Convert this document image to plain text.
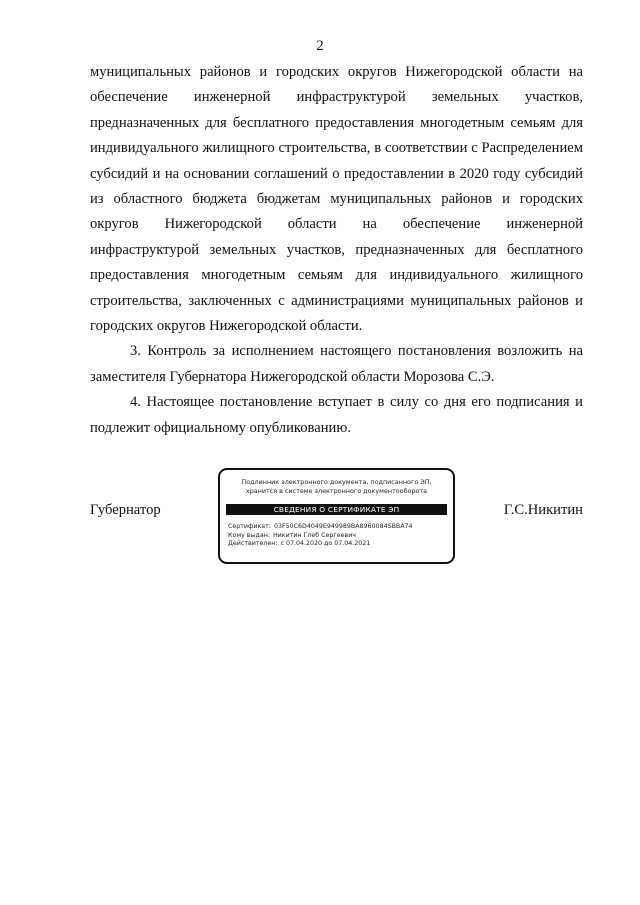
2

муниципальных районов и городских округов Нижегородской области на обеспечение инженерной инфраструктурой земельных участков, предназначенных для бесплатного предоставления многодетным семьям для индивидуального жилищного строительства, в соответствии с Распределением субсидий и на основании соглашений о предоставлении в 2020 году субсидий из областного бюджета бюджетам муниципальных районов и городских округов Нижегородской области на обеспечение инженерной инфраструктурой земельных участков, предназначенных для бесплатного предоставления многодетным семьям для индивидуального жилищного строительства, заключенных с администрациями муниципальных районов и городских округов Нижегородской области.

3. Контроль за исполнением настоящего постановления возложить на заместителя Губернатора Нижегородской области Морозова С.Э.

4. Настоящее постановление вступает в силу со дня его подписания и подлежит официальному опубликованию.

Губернатор
Подлинник электронного документа, подписанного ЭП,
хранится в системе электронного документооборота
СВЕДЕНИЯ О СЕРТИФИКАТЕ ЭП
Сертификат: 03F50C6D4049E949989BA8960084SBBA74
Кому выдан: Никитин Глеб Сергеевич
Действителен: с 07.04.2020 до 07.04.2021
Г.С.Никитин
